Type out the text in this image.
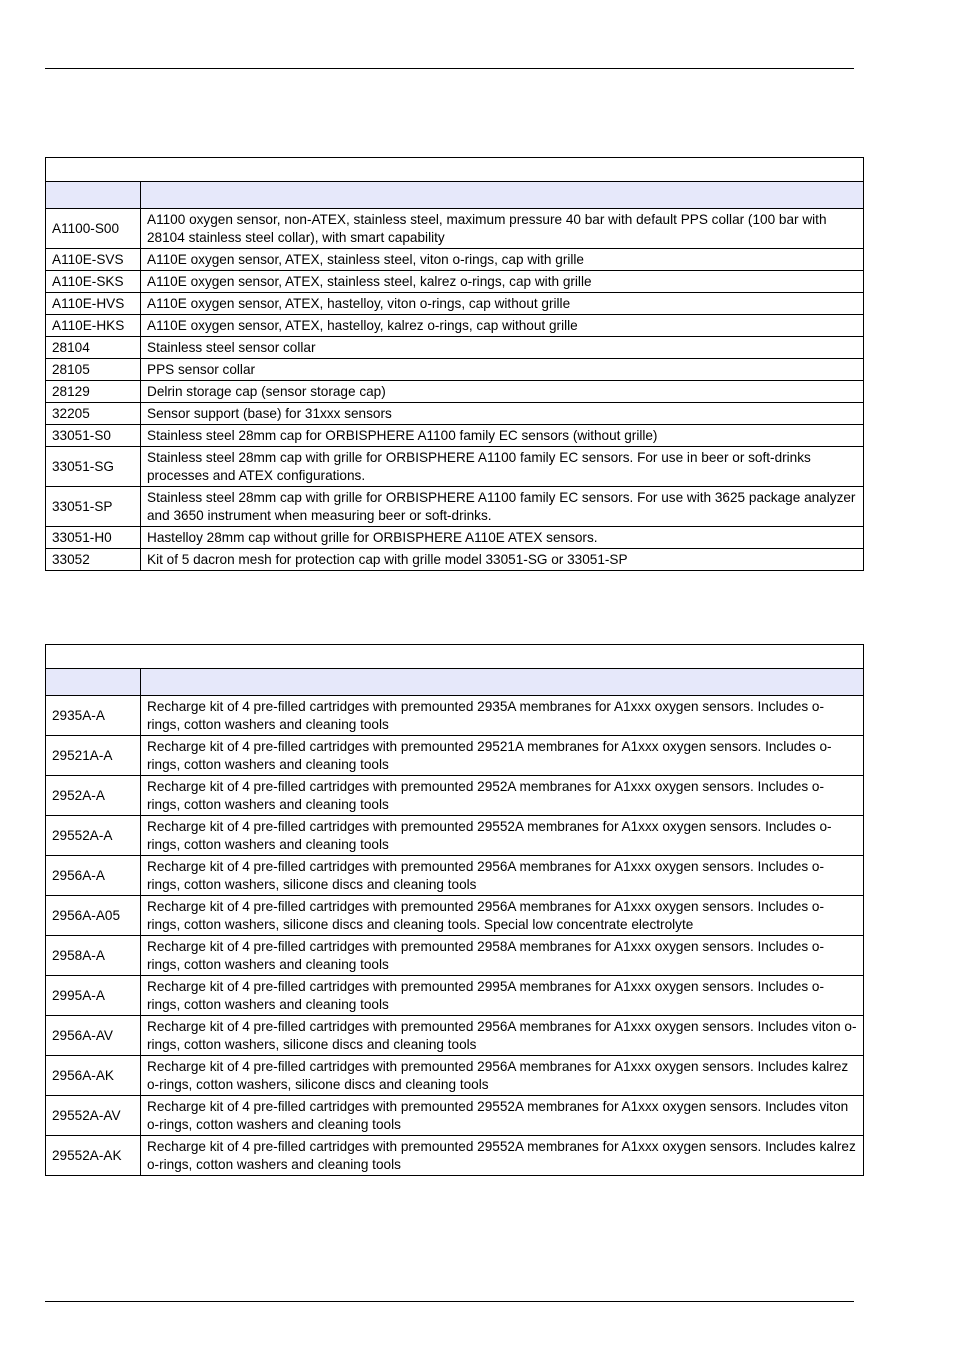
A1100-S00	A1100 oxygen sensor, non-ATEX, stainless steel, maximum pressure 40 bar with default PPS collar (100 bar with 28104 stainless steel collar), with smart capability
A110E-SVS	A110E oxygen sensor, ATEX, stainless steel, viton o-rings, cap with grille
A110E-SKS	A110E oxygen sensor, ATEX, stainless steel, kalrez o-rings, cap with grille
A110E-HVS	A110E oxygen sensor, ATEX, hastelloy, viton o-rings, cap without grille
A110E-HKS	A110E oxygen sensor, ATEX, hastelloy, kalrez o-rings, cap without grille
28104	Stainless steel sensor collar
28105	PPS sensor collar
28129	Delrin storage cap (sensor storage cap)
32205	Sensor support (base) for 31xxx sensors
33051-S0	Stainless steel 28mm cap for ORBISPHERE A1100 family EC sensors (without grille)
33051-SG	Stainless steel 28mm cap with grille for ORBISPHERE A1100 family EC sensors. For use in beer or soft-drinks processes and ATEX configurations.
33051-SP	Stainless steel 28mm cap with grille for ORBISPHERE A1100 family EC sensors. For use with 3625 package analyzer and 3650 instrument when measuring beer or soft-drinks.
33051-H0	Hastelloy 28mm cap without grille for ORBISPHERE A110E ATEX sensors.
33052	Kit of 5 dacron mesh for protection cap with grille model 33051-SG or 33051-SP

2935A-A	Recharge kit of 4 pre-filled cartridges with premounted 2935A membranes for A1xxx oxygen sensors. Includes o-rings, cotton washers and cleaning tools
29521A-A	Recharge kit of 4 pre-filled cartridges with premounted 29521A membranes for A1xxx oxygen sensors. Includes o-rings, cotton washers and cleaning tools
2952A-A	Recharge kit of 4 pre-filled cartridges with premounted 2952A membranes for A1xxx oxygen sensors. Includes o-rings, cotton washers and cleaning tools
29552A-A	Recharge kit of 4 pre-filled cartridges with premounted 29552A membranes for A1xxx oxygen sensors. Includes o-rings, cotton washers and cleaning tools
2956A-A	Recharge kit of 4 pre-filled cartridges with premounted 2956A membranes for A1xxx oxygen sensors. Includes o-rings, cotton washers, silicone discs and cleaning tools
2956A-A05	Recharge kit of 4 pre-filled cartridges with premounted 2956A membranes for A1xxx oxygen sensors. Includes o-rings, cotton washers, silicone discs and cleaning tools. Special low concentrate electrolyte
2958A-A	Recharge kit of 4 pre-filled cartridges with premounted 2958A membranes for A1xxx oxygen sensors. Includes o-rings, cotton washers and cleaning tools
2995A-A	Recharge kit of 4 pre-filled cartridges with premounted 2995A membranes for A1xxx oxygen sensors. Includes o-rings, cotton washers and cleaning tools
2956A-AV	Recharge kit of 4 pre-filled cartridges with premounted 2956A membranes for A1xxx oxygen sensors. Includes viton o-rings, cotton washers, silicone discs and cleaning tools
2956A-AK	Recharge kit of 4 pre-filled cartridges with premounted 2956A membranes for A1xxx oxygen sensors. Includes kalrez o-rings, cotton washers, silicone discs and cleaning tools
29552A-AV	Recharge kit of 4 pre-filled cartridges with premounted 29552A membranes for A1xxx oxygen sensors. Includes viton o-rings, cotton washers and cleaning tools
29552A-AK	Recharge kit of 4 pre-filled cartridges with premounted 29552A membranes for A1xxx oxygen sensors. Includes kalrez o-rings, cotton washers and cleaning tools
